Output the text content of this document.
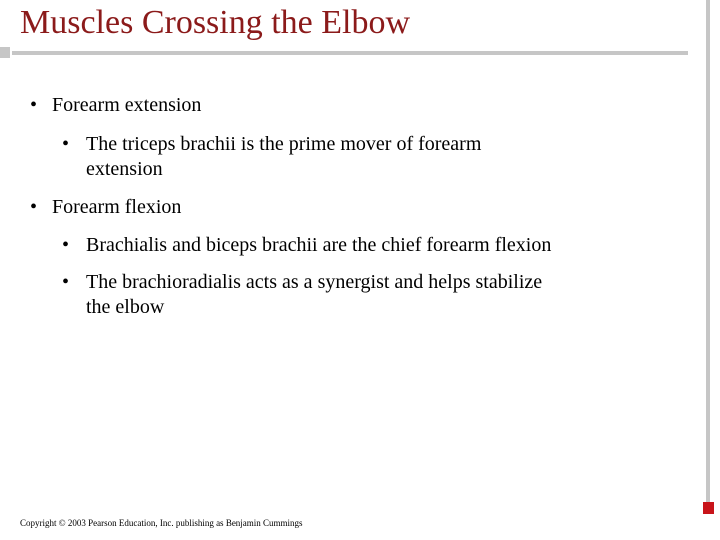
Muscles Crossing the Elbow
• Forearm extension
• The triceps brachii is the prime mover of forearm
extension
• Forearm flexion
• Brachialis and biceps brachii are the chief forearm flexion
• The brachioradialis acts as a synergist and helps stabilize
the elbow
Copyright © 2003 Pearson Education, Inc. publishing as Benjamin Cummings
